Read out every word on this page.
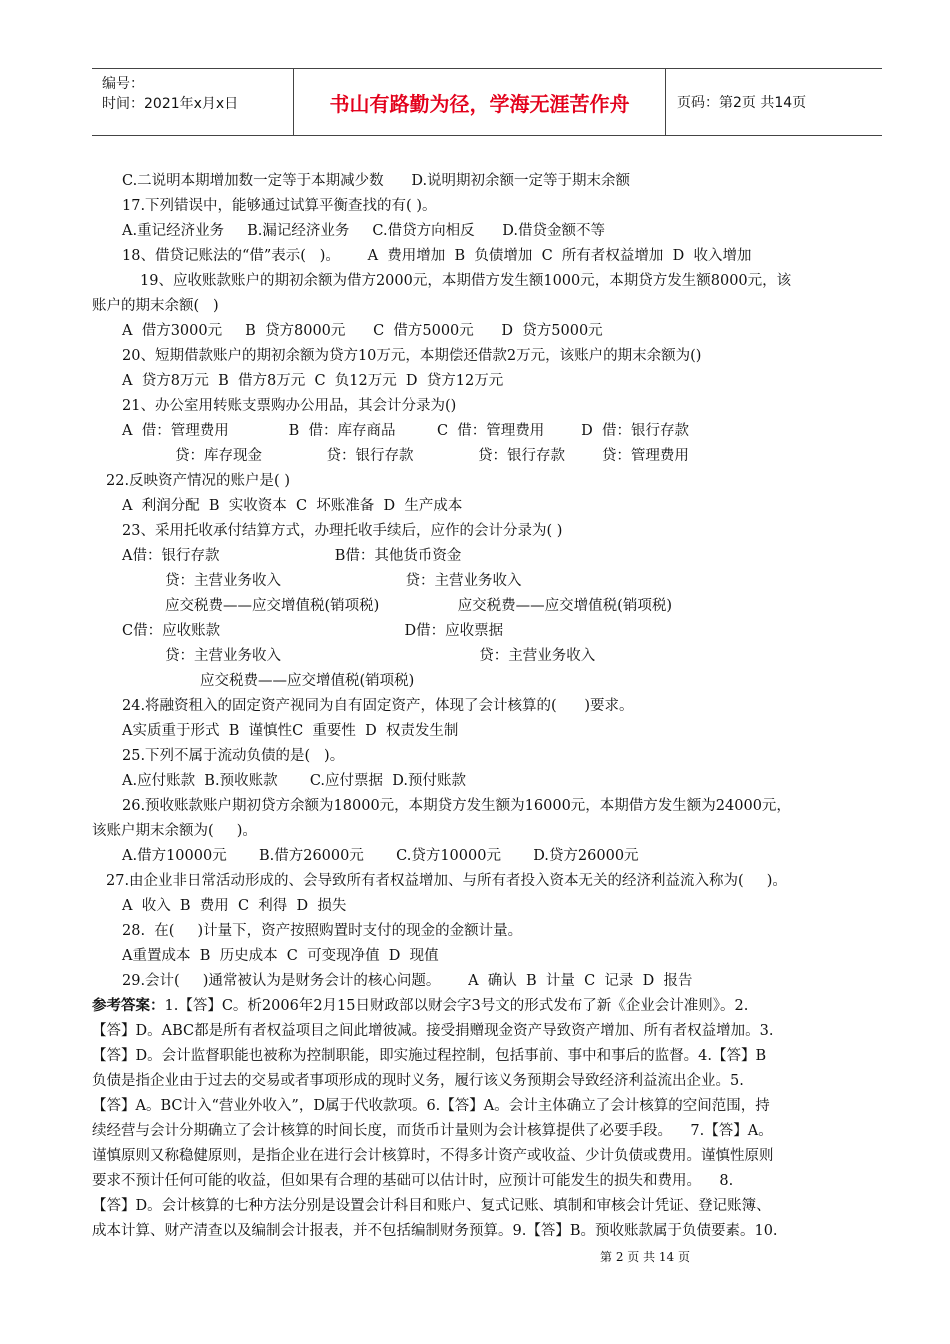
编号：
时间：2021年x月x日	书山有路勤为径，学海无涯苦作舟	页码：第2页 共14页
C.二说明本期增加数一定等于本期减少数      D.说明期初余额一定等于期末余额
17.下列错误中，能够通过试算平衡查找的有( )。
A.重记经济业务     B.漏记经济业务     C.借贷方向相反      D.借贷金额不等
18、借贷记账法的“借”表示(   )。      A  费用增加  B  负债增加  C  所有者权益增加  D  收入增加
19、应收账款账户的期初余额为借方2000元，本期借方发生额1000元，本期贷方发生额8000元，该
账户的期末余额(   )
A  借方3000元     B  贷方8000元      C  借方5000元      D  贷方5000元
20、短期借款账户的期初余额为贷方10万元，本期偿还借款2万元，该账户的期末余额为()
A  贷方8万元  B  借方8万元  C  负12万元  D  贷方12万元
21、办公室用转账支票购办公用品，其会计分录为()
A  借：管理费用             B  借：库存商品         C  借：管理费用        D  借：银行存款
贷：库存现金              贷：银行存款              贷：银行存款        贷：管理费用
22.反映资产情况的账户是( )
A  利润分配  B  实收资本  C  坏账准备  D  生产成本
23、采用托收承付结算方式，办理托收手续后，应作的会计分录为( )
A借：银行存款                         B借：其他货币资金
贷：主营业务收入                           贷：主营业务收入
应交税费——应交增值税(销项税)                 应交税费——应交增值税(销项税)
C借：应收账款                                        D借：应收票据
贷：主营业务收入                                           贷：主营业务收入
应交税费——应交增值税(销项税)
24.将融资租入的固定资产视同为自有固定资产，体现了会计核算的(      )要求。
A实质重于形式  B  谨慎性C  重要性  D  权责发生制
25.下列不属于流动负债的是(   )。
A.应付账款  B.预收账款       C.应付票据  D.预付账款
26.预收账款账户期初贷方余额为18000元，本期贷方发生额为16000元，本期借方发生额为24000元，
该账户期末余额为(     )。
A.借方10000元       B.借方26000元       C.贷方10000元       D.贷方26000元
27.由企业非日常活动形成的、会导致所有者权益增加、与所有者投入资本无关的经济利益流入称为(     )。
A  收入  B  费用  C  利得  D  损失
28.  在(     )计量下，资产按照购置时支付的现金的金额计量。
A重置成本  B  历史成本  C  可变现净值  D  现值
29.会计(     )通常被认为是财务会计的核心问题。      A  确认  B  计量  C  记录  D  报告
参考答案：1.【答】C。析2006年2月15日财政部以财会字3号文的形式发布了新《企业会计准则》。2.
【答】D。ABC都是所有者权益项目之间此增彼减。接受捐赠现金资产导致资产增加、所有者权益增加。3.
【答】D。会计监督职能也被称为控制职能，即实施过程控制，包括事前、事中和事后的监督。4.【答】B
负债是指企业由于过去的交易或者事项形成的现时义务，履行该义务预期会导致经济利益流出企业。5.
【答】A。BC计入“营业外收入”，D属于代收款项。6.【答】A。会计主体确立了会计核算的空间范围，持
续经营与会计分期确立了会计核算的时间长度，而货币计量则为会计核算提供了必要手段。    7.【答】A。
谨慎原则又称稳健原则，是指企业在进行会计核算时，不得多计资产或收益、少计负债或费用。谨慎性原则
要求不预计任何可能的收益，但如果有合理的基础可以估计时，应预计可能发生的损失和费用。    8.
【答】D。会计核算的七种方法分别是设置会计科目和账户、复式记账、填制和审核会计凭证、登记账簿、
成本计算、财产清查以及编制会计报表，并不包括编制财务预算。9.【答】B。预收账款属于负债要素。10.
第 2 页 共 14 页
